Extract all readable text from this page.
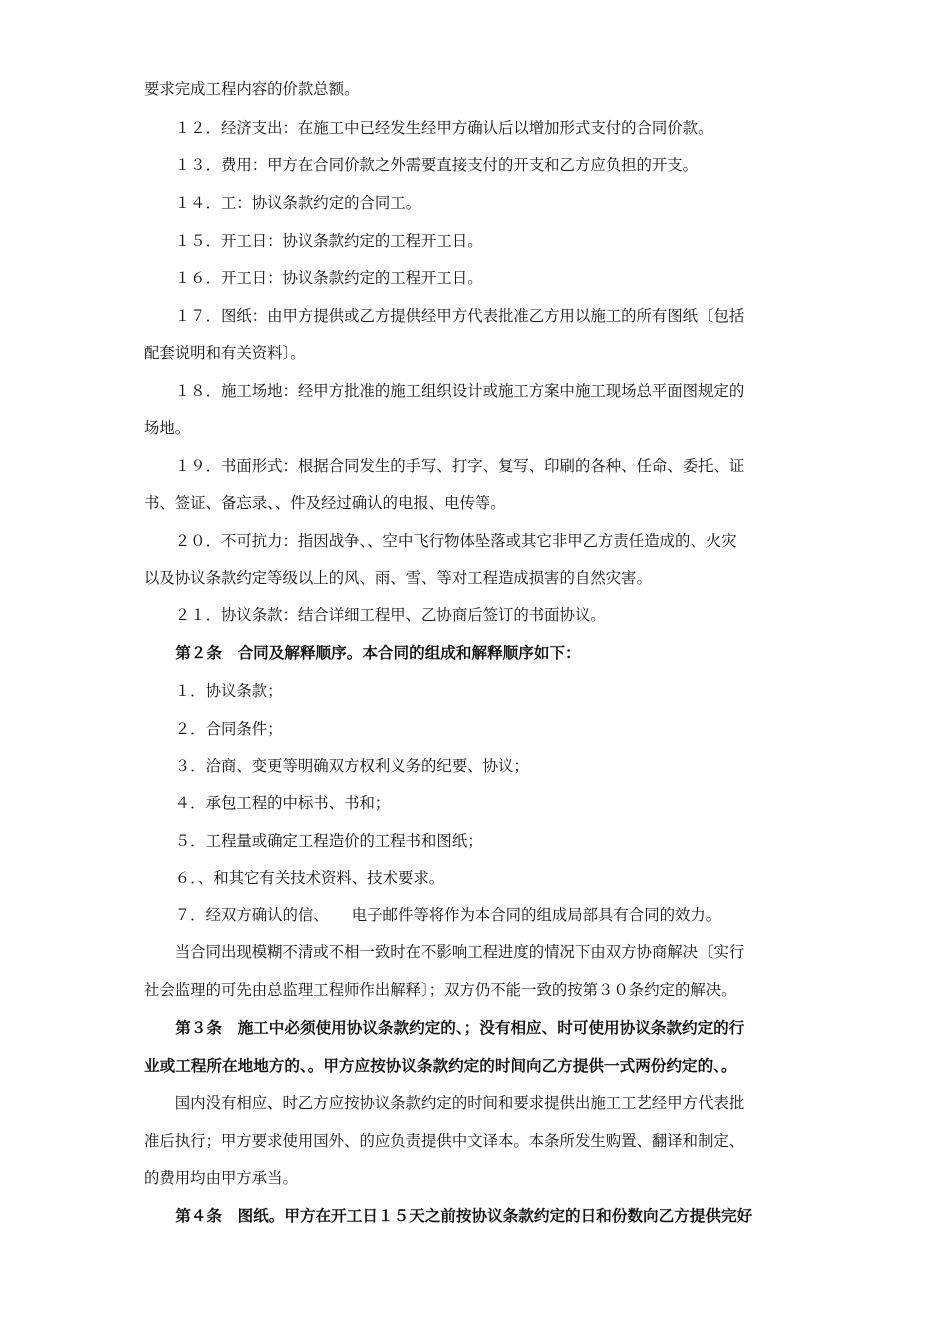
要求完成工程内容的价款总额。
　　１２．经济支出：在施工中已经发生经甲方确认后以增加形式支付的合同价款。
　　１３．费用：甲方在合同价款之外需要直接支付的开支和乙方应负担的开支。
　　１４．工：协议条款约定的合同工。
　　１５．开工日：协议条款约定的工程开工日。
　　１６．开工日：协议条款约定的工程开工日。
　　１７．图纸：由甲方提供或乙方提供经甲方代表批准乙方用以施工的所有图纸〔包括
配套说明和有关资料〕。
　　１８．施工场地：经甲方批准的施工组织设计或施工方案中施工现场总平面图规定的
场地。
　　１９．书面形式：根据合同发生的手写、打字、复写、印刷的各种、任命、委托、证
书、签证、备忘录、、件及经过确认的电报、电传等。
　　２０．不可抗力：指因战争、、空中飞行物体坠落或其它非甲乙方责任造成的、火灾
以及协议条款约定等级以上的风、雨、雪、等对工程造成损害的自然灾害。
　　２１．协议条款：结合详细工程甲、乙协商后签订的书面协议。
　　第２条　合同及解释顺序。本合同的组成和解释顺序如下：
　　１．协议条款；
　　２．合同条件；
　　３．洽商、变更等明确双方权利义务的纪要、协议；
　　４．承包工程的中标书、书和；
　　５．工程量或确定工程造价的工程书和图纸；
　　６．、和其它有关技术资料、技术要求。
　　７．经双方确认的信、　　电子邮件等将作为本合同的组成局部具有合同的效力。
　　当合同出现模糊不清或不相一致时在不影响工程进度的情况下由双方协商解决〔实行
社会监理的可先由总监理工程师作出解释〕；双方仍不能一致的按第３０条约定的解决。
　　第３条　施工中必须使用协议条款约定的、；没有相应、时可使用协议条款约定的行
业或工程所在地地方的、。甲方应按协议条款约定的时间向乙方提供一式两份约定的、。
　　国内没有相应、时乙方应按协议条款约定的时间和要求提供出施工工艺经甲方代表批
准后执行；甲方要求使用国外、的应负责提供中文译本。本条所发生购置、翻译和制定、
的费用均由甲方承当。
　　第４条　图纸。甲方在开工日１５天之前按协议条款约定的日和份数向乙方提供完好
